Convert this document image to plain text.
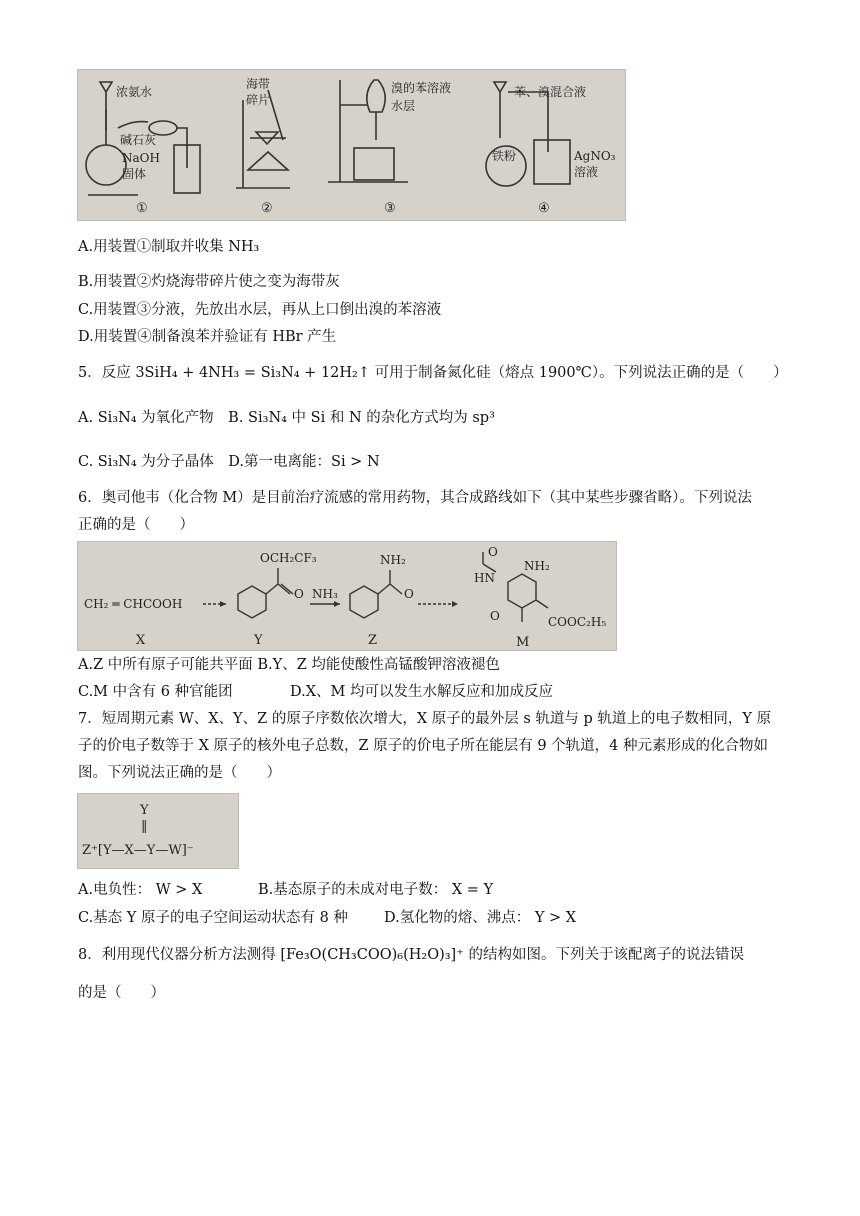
浓氨水
碱石灰
NaOH
固体
①
海带
碎片
②
溴的苯溶液
水层
③
苯、溴混合液
铁粉	AgNO₃
溶液
④
A.用装置①制取并收集 NH₃
B.用装置②灼烧海带碎片使之变为海带灰
C.用装置③分液，先放出水层，再从上口倒出溴的苯溶液
D.用装置④制备溴苯并验证有 HBr 产生
5．反应 3SiH₄ + 4NH₃ = Si₃N₄ + 12H₂↑ 可用于制备氮化硅（熔点 1900℃）。下列说法正确的是（　　）
A. Si₃N₄ 为氧化产物　B. Si₃N₄ 中 Si 和 N 的杂化方式均为 sp³
C. Si₃N₄ 为分子晶体　D.第一电离能：Si > N
6．奥司他韦（化合物 M）是目前治疗流感的常用药物，其合成路线如下（其中某些步骤省略）。下列说法
正确的是（　　）
CH₂ ═ CHCOOH
OCH₂CF₃
O NH₃
NH₂
O
O
HN
NH₂
O	COOC₂H₅
X	Y	Z	M
A.Z 中所有原子可能共平面 B.Y、Z 均能使酸性高锰酸钾溶液褪色
C.M 中含有 6 种官能团	D.X、M 均可以发生水解反应和加成反应
7．短周期元素 W、X、Y、Z 的原子序数依次增大，X 原子的最外层 s 轨道与 p 轨道上的电子数相同，Y 原
子的价电子数等于 X 原子的核外电子总数，Z 原子的价电子所在能层有 9 个轨道，4 种元素形成的化合物如
图。下列说法正确的是（　　）
Y
‖
Z⁺[Y—X—Y—W]⁻
A.电负性： W > X	B.基态原子的未成对电子数： X = Y
C.基态 Y 原子的电子空间运动状态有 8 种 D.氢化物的熔、沸点： Y > X
8．利用现代仪器分析方法测得 [Fe₃O(CH₃COO)₆(H₂O)₃]⁺ 的结构如图。下列关于该配离子的说法错误
的是（　　）
